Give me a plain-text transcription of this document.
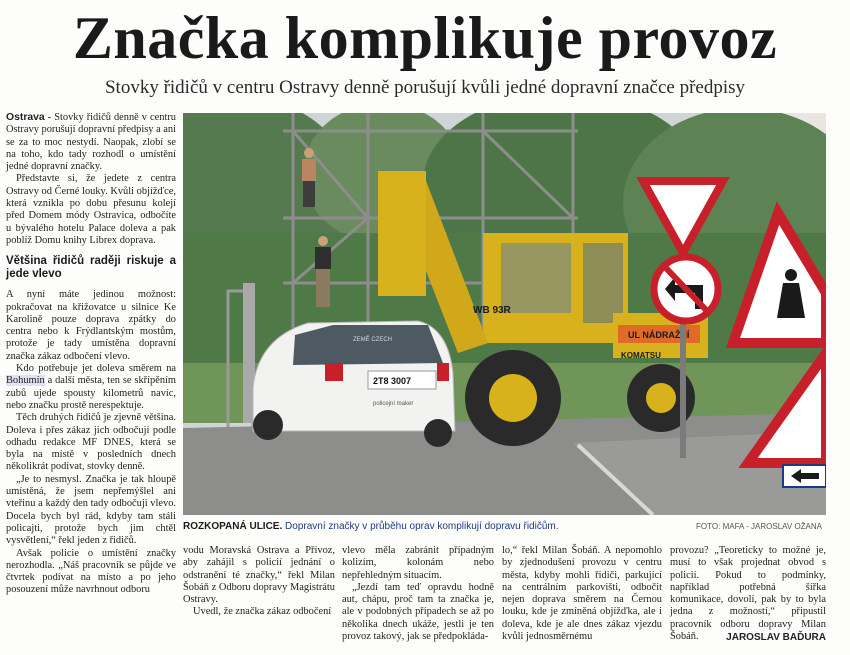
Značka komplikuje provoz
Stovky řidičů v centru Ostravy denně porušují kvůli jedné dopravní značce předpisy

Ostrava - Stovky řidičů denně v centru Ostravy porušují dopravní předpisy a ani se za to moc nestydí. Naopak, zlobí se na toho, kdo tady rozhodl o umístění jedné dopravní značky.

Představte si, že jedete z centra Ostravy od Černé louky. Kvůli objížďce, která vznikla po dobu přesunu kolejí před Domem módy Ostravica, odbočíte u bývalého hotelu Palace doleva a pak poblíž Domu knihy Librex doprava.

Většina řidičů raději riskuje a jede vlevo

A nyní máte jedinou možnost: pokračovat na křižovatce u silnice Ke Karolině pouze doprava zpátky do centra nebo k Frýdlantským mostům, protože je tady umístěna dopravní značka zákaz odbočení vlevo.

Kdo potřebuje jet doleva směrem na Bohumín a další města, ten se skřípěním zubů ujede spousty kilometrů navíc, nebo značku prostě nerespektuje.

Těch druhých řidičů je zjevně většina. Doleva i přes zákaz jich odbočují podle odhadu redakce MF DNES, která se byla na místě v posledních dnech několikrát podívat, stovky denně.

„Je to nesmysl. Značka je tak hloupě umístěná, že jsem nepřemýšlel ani vteřinu a každý den tady odbočuji vlevo. Docela bych byl rád, kdyby tam stáli policajti, protože bych jim chtěl vysvětlení,“ řekl jeden z řidičů.

Avšak policie o umístění značky nerozhodla. „Náš pracovník se půjde ve čtvrtek podívat na místo a po jeho posouzení může navrhnout odboru

UL NÁDRAŽNÍ
WB 93R
KOMATSU
2T8 3007
ZEMĚ CZECH
policejní maker
ROZKOPANÁ ULICE. Dopravní značky v průběhu oprav komplikují dopravu řidičům.	FOTO: MAFA - JAROSLAV OŽANA

vodu Moravská Ostrava a Přívoz, aby zahájil s policií jednání o odstranění té značky,“ řekl Milan Šobáň z Odboru dopravy Magistrátu Ostravy.

Uvedl, že značka zákaz odbočení

vlevo měla zabránit případným kolizím, kolonám nebo nepřehledným situacím.

„Jezdí tam teď opravdu hodně aut, chápu, proč tam ta značka je, ale v podobných případech se až po několika dnech ukáže, jestli je ten provoz takový, jak se předpokláda-

lo,“ řekl Milan Šobáň. A nepomohlo by zjednodušení provozu v centru města, kdyby mohli řidiči, parkující na centrálním parkovišti, odbočit nejen doprava směrem na Černou louku, kde je zmíněná objížďka, ale i doleva, kde je ale dnes zákaz vjezdu kvůli jednosměrnému

provozu? „Teoreticky to možné je, musí to však projednat obvod s policií. Pokud to podmínky, například potřebná šířka komunikace, dovolí, pak by to byla jedna z možností,“ připustil pracovník odboru dopravy Milan Šobáň.	JAROSLAV BAĎURA
